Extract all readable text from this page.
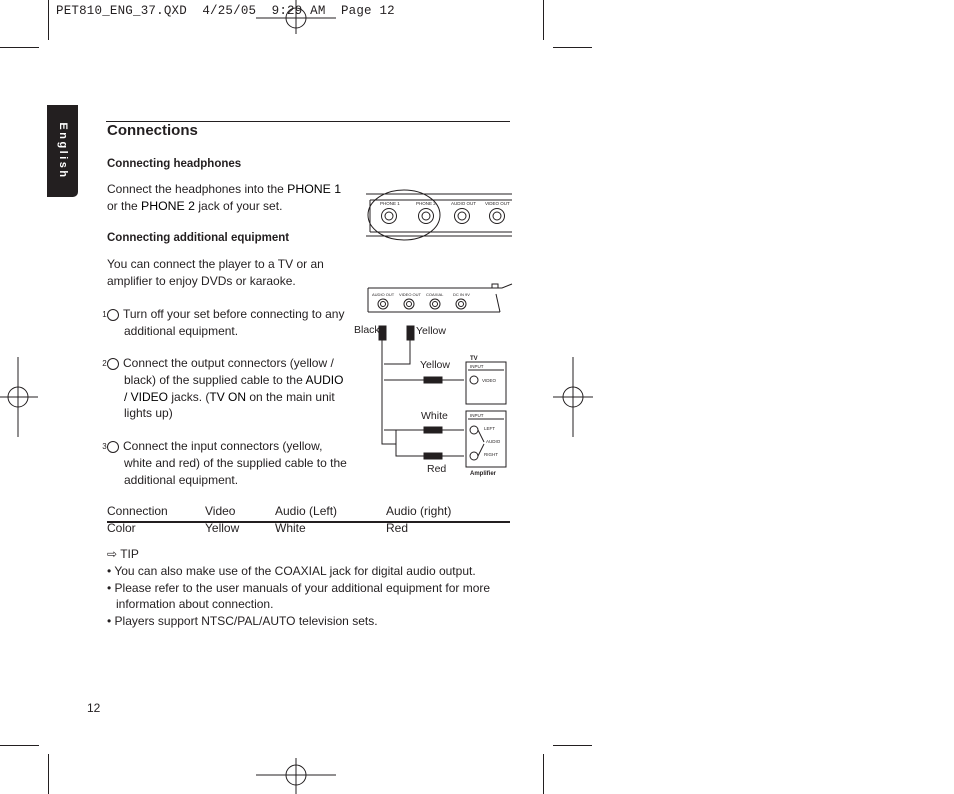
PET810_ENG_37.QXD  4/25/05  9:29 AM  Page 12
English	Connections
Connecting headphones
Connect the headphones into the PHONE 1
or the PHONE 2 jack of your set.
Connecting additional equipment
You can connect the player to a TV or an
amplifier to enjoy DVDs or karaoke.
1 Turn off your set before connecting to any
additional equipment.
2 Connect the output connectors (yellow /
black) of the supplied cable to the AUDIO
/ VIDEO jacks. (TV ON on the main unit
lights up)
3 Connect the input connectors (yellow,
white and red) of the supplied cable to the
additional equipment.
PHONE 1	PHONE 2	AUDIO OUT VIDEO OUT
AUDIO OUT VIDEO OUT COAXIAL DC IN 9V
TV
INPUT
VIDEO
INPUT
LEFT
AUDIO
RIGHT
Amplifier
Black	Yellow
Yellow
White
Red
Connection	Video	Audio (Left)	Audio (right)
Color	Yellow	White	Red
⇨ TIP
• You can also make use of the COAXIAL jack for digital audio output.
• Please refer to the user manuals of your additional equipment for more information about connection.
• Players support NTSC/PAL/AUTO television sets.
12
